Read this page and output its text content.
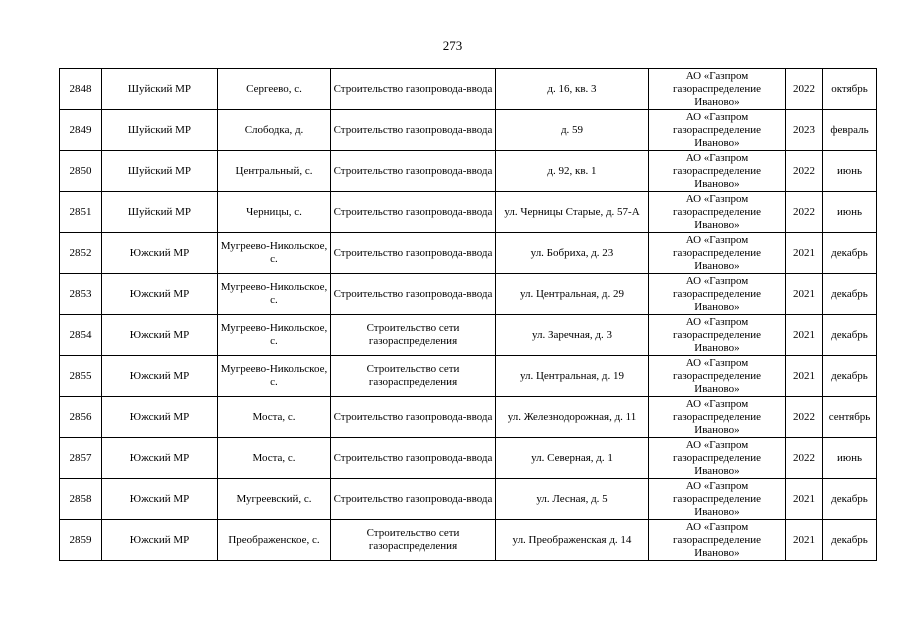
273
2848	Шуйский МР	Сергеево, с.	Строительство газопровода-ввода	д. 16, кв. 3	АО «Газпром газораспределение Иваново»	2022	октябрь
2849	Шуйский МР	Слободка, д.	Строительство газопровода-ввода	д. 59	АО «Газпром газораспределение Иваново»	2023	февраль
2850	Шуйский МР	Центральный, с.	Строительство газопровода-ввода	д. 92, кв. 1	АО «Газпром газораспределение Иваново»	2022	июнь
2851	Шуйский МР	Черницы, с.	Строительство газопровода-ввода	ул. Черницы Старые, д. 57-А	АО «Газпром газораспределение Иваново»	2022	июнь
2852	Южский МР	Мугреево-Никольское, с.	Строительство газопровода-ввода	ул. Бобриха, д. 23	АО «Газпром газораспределение Иваново»	2021	декабрь
2853	Южский МР	Мугреево-Никольское, с.	Строительство газопровода-ввода	ул. Центральная, д. 29	АО «Газпром газораспределение Иваново»	2021	декабрь
2854	Южский МР	Мугреево-Никольское, с.	Строительство сети газораспределения	ул. Заречная, д. 3	АО «Газпром газораспределение Иваново»	2021	декабрь
2855	Южский МР	Мугреево-Никольское, с.	Строительство сети газораспределения	ул. Центральная, д. 19	АО «Газпром газораспределение Иваново»	2021	декабрь
2856	Южский МР	Моста, с.	Строительство газопровода-ввода	ул. Железнодорожная, д. 11	АО «Газпром газораспределение Иваново»	2022	сентябрь
2857	Южский МР	Моста, с.	Строительство газопровода-ввода	ул. Северная, д. 1	АО «Газпром газораспределение Иваново»	2022	июнь
2858	Южский МР	Мугреевский, с.	Строительство газопровода-ввода	ул. Лесная, д. 5	АО «Газпром газораспределение Иваново»	2021	декабрь
2859	Южский МР	Преображенское, с.	Строительство сети газораспределения	ул. Преображенская д. 14	АО «Газпром газораспределение Иваново»	2021	декабрь
